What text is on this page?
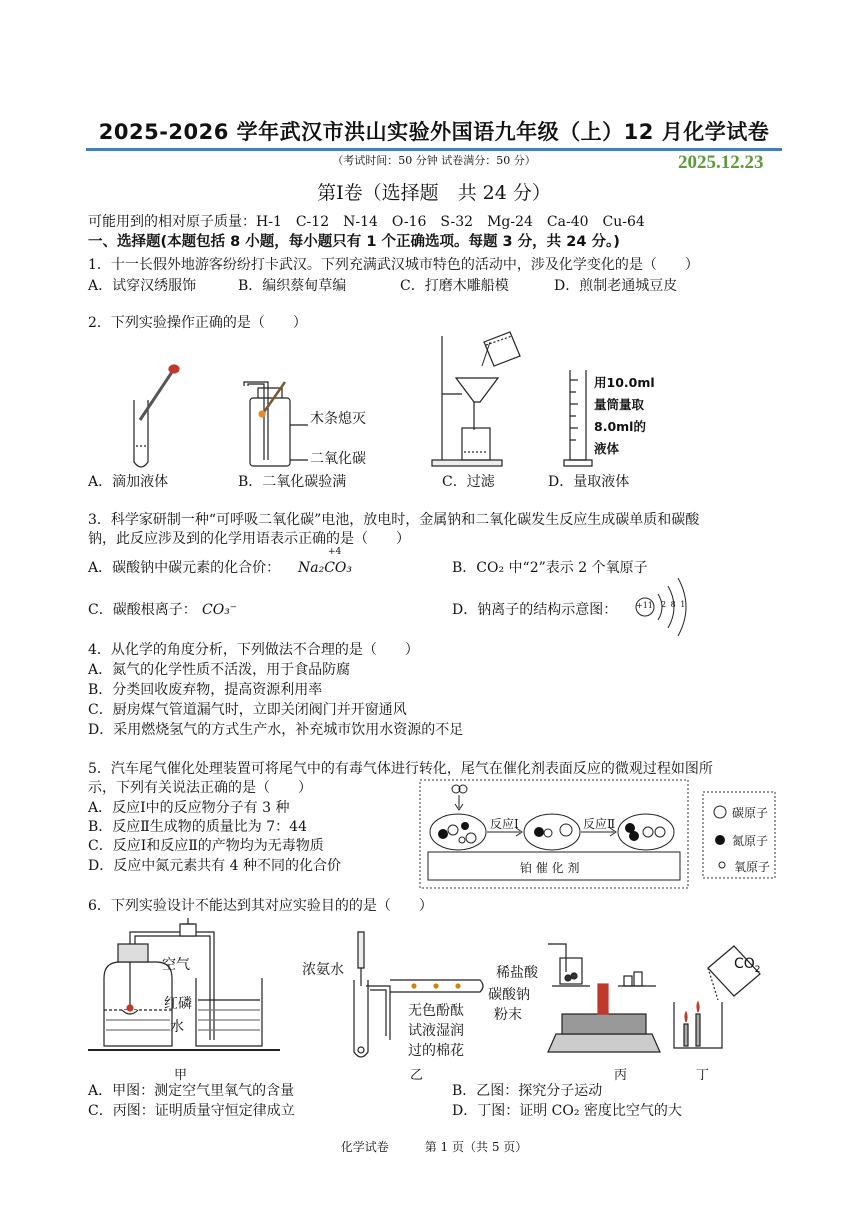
2025-2026 学年武汉市洪山实验外国语九年级（上）12 月化学试卷
（考试时间：50 分钟 试卷满分：50 分）	2025.12.23
第Ⅰ卷（选择题　共 24 分）
可能用到的相对原子质量：H-1　C-12　N-14　O-16　S-32　Mg-24　Ca-40　Cu-64
一、选择题(本题包括 8 小题，每小题只有 1 个正确选项。每题 3 分，共 24 分。)
1．十一长假外地游客纷纷打卡武汉。下列充满武汉城市特色的活动中，涉及化学变化的是（　　）
A．试穿汉绣服饰	B．编织蔡甸草编	C．打磨木雕船模	D．煎制老通城豆皮
2．下列实验操作正确的是（　　）
木条熄灭
二氧化碳
用10.0ml
量筒量取
8.0ml的
液体
A．滴加液体	B．二氧化碳验满	C．过滤	D．量取液体
3．科学家研制一种“可呼吸二氧化碳”电池，放电时，金属钠和二氧化碳发生反应生成碳单质和碳酸
钠，此反应涉及到的化学用语表示正确的是（　　）
A．碳酸钠中碳元素的化合价：
+4
Na₂CO₃	B．CO₂ 中“2”表示 2 个氧原子
C．碳酸根离子： CO₃⁻	D．钠离子的结构示意图： +11 2 8 1
4．从化学的角度分析，下列做法不合理的是（　　）
A．氮气的化学性质不活泼，用于食品防腐
B．分类回收废弃物，提高资源利用率
C．厨房煤气管道漏气时，立即关闭阀门并开窗通风
D．采用燃烧氢气的方式生产水，补充城市饮用水资源的不足
5．汽车尾气催化处理装置可将尾气中的有毒气体进行转化，尾气在催化剂表面反应的微观过程如图所
示，下列有关说法正确的是（　　）
A．反应Ⅰ中的反应物分子有 3 种
B．反应Ⅱ生成物的质量比为 7：44
C．反应Ⅰ和反应Ⅱ的产物均为无毒物质
D．反应中氮元素共有 4 种不同的化合价
反应Ⅰ	反应Ⅱ
铂 催 化 剂
碳原子
氮原子
氧原子
6．下列实验设计不能达到其对应实验目的的是（　　）
空气
红磷
水
浓氨水
无色酚酞
试液湿润
过的棉花
稀盐酸
碳酸钠
粉末
$CO_2$
甲	乙	丙	丁
A．甲图：测定空气里氧气的含量	B．乙图：探究分子运动
C．丙图：证明质量守恒定律成立	D．丁图：证明 CO₂ 密度比空气的大
化学试卷　　　第 1 页（共 5 页）
